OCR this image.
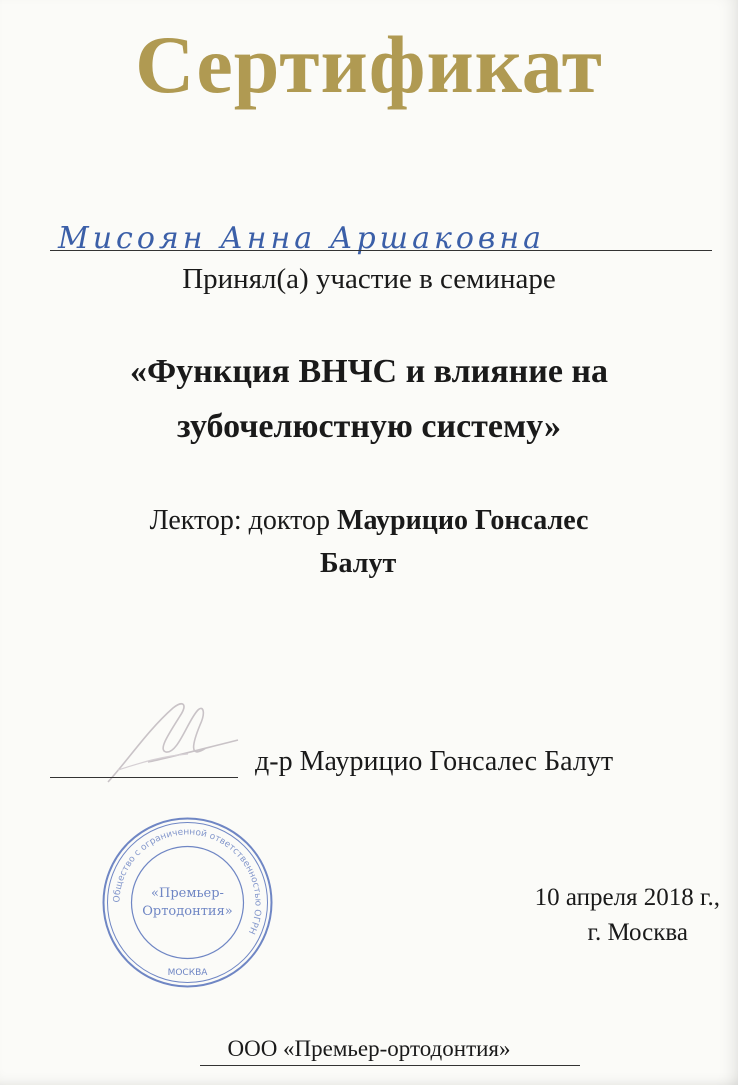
Сертификат
Мисоян Анна Аршаковна
Принял(а) участие в семинаре
«Функция ВНЧС и влияние на
зубочелюстную систему»
Лектор: доктор Маурицио Гонсалес
Балут
д-р Маурицио Гонсалес Балут
Общество с ограниченной ответственностью ОГРН
«Премьер-
Ортодонтия»
МОСКВА
10 апреля 2018 г.,
г. Москва
ООО «Премьер-ортодонтия»
